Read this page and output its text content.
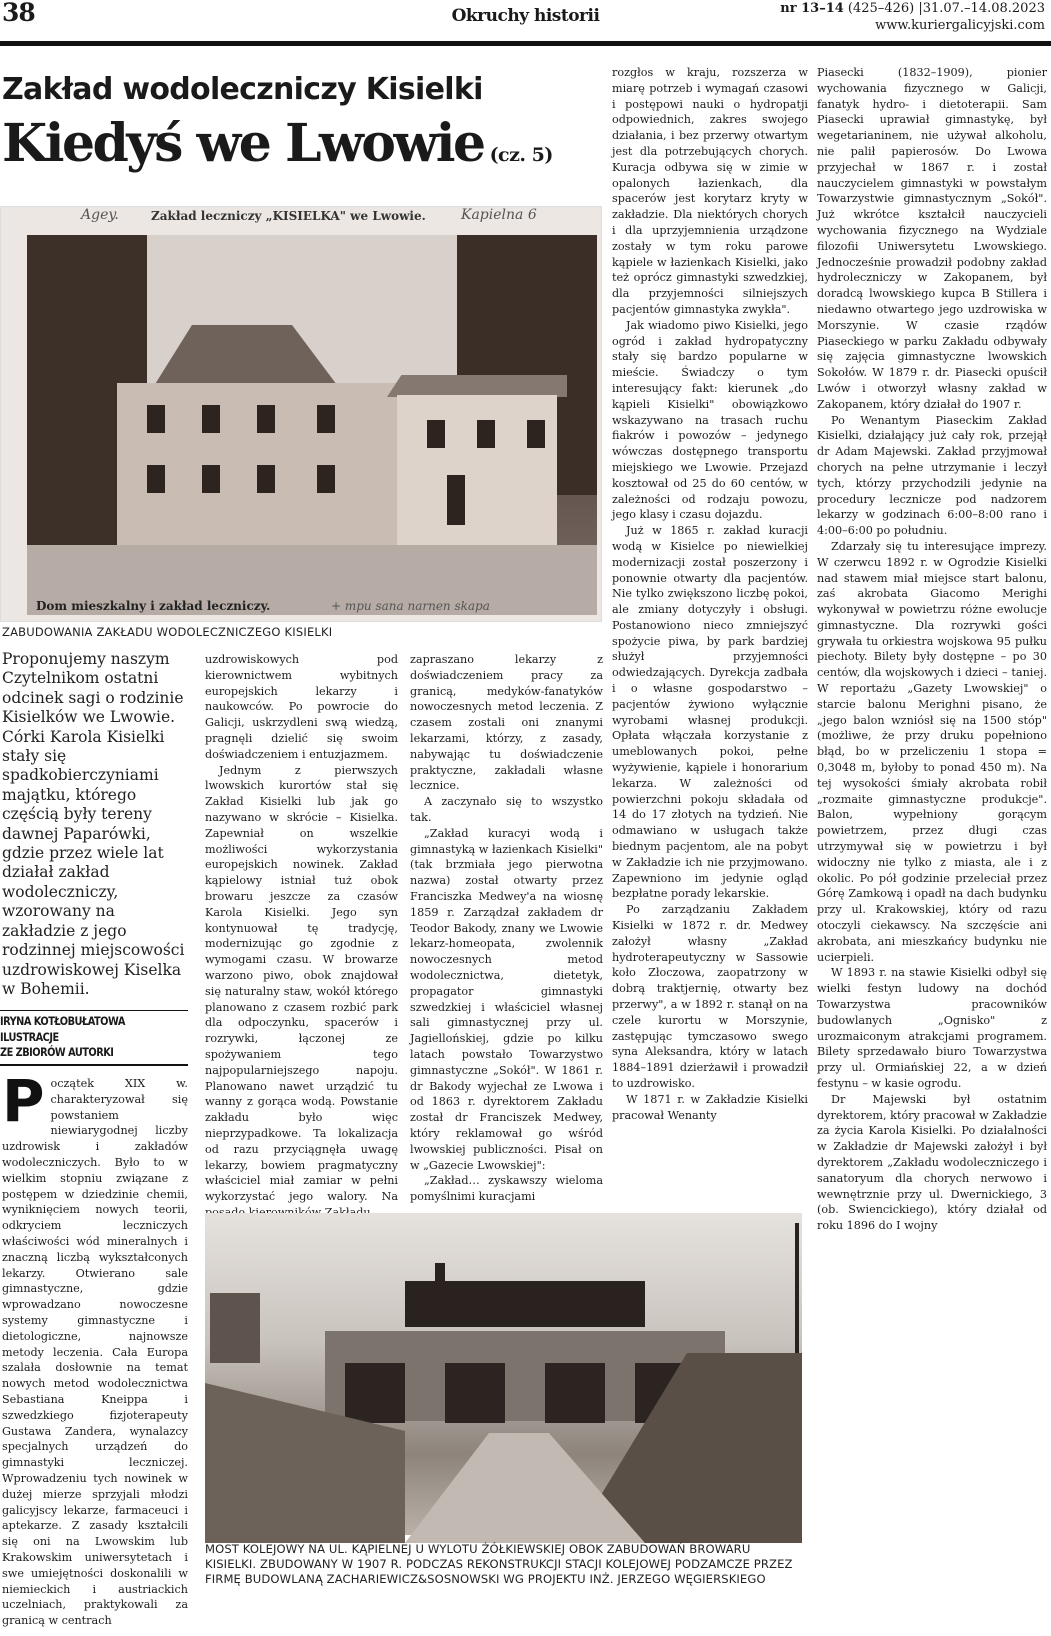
38	Okruchy historii	nr 13–14 (425–426) |31.07.–14.08.2023
www.kuriergalicyjski.com
Zakład wodoleczniczy Kisielki
Kiedyś we Lwowie (cz. 5)
Agey.	Zakład leczniczy „KISIELKA" we Lwowie.	Kapielna 6
Dom mieszkalny i zakład leczniczy.	+ mpu sana narnen skapa
ZABUDOWANIA ZAKŁADU WODOLECZNICZEGO KISIELKI
Proponujemy naszym Czytelnikom ostatni odcinek sagi o rodzinie Kisielków we Lwowie. Córki Karola Kisielki stały się spadkobierczyniami majątku, którego częścią były tereny dawnej Paparówki, gdzie przez wiele lat działał zakład wodoleczniczy, wzorowany na zakładzie z jego rodzinnej miejscowości uzdrowiskowej Kiselka w Bohemii.
IRYNA KOTŁOBUŁATOWA
ILUSTRACJE
ZE ZBIORÓW AUTORKI
P oczątek XIX w. charakteryzował się powstaniem niewiarygodnej liczby uzdrowisk i zakładów wodoleczniczych. Było to w wielkim stopniu związane z postępem w dziedzinie chemii, wyniknięciem nowych teorii, odkryciem leczniczych właściwości wód mineralnych i znaczną liczbą wykształconych lekarzy. Otwierano sale gimnastyczne, gdzie wprowadzano nowoczesne systemy gimnastyczne i dietologiczne, najnowsze metody leczenia. Cała Europa szalała dosłownie na temat nowych metod wodolecznictwa Sebastiana Kneippa i szwedzkiego fizjoterapeuty Gustawa Zandera, wynalazcy specjalnych urządzeń do gimnastyki leczniczej. Wprowadzeniu tych nowinek w dużej mierze sprzyjali młodzi galicyjscy lekarze, farmaceuci i aptekarze. Z zasady kształcili się oni na Lwowskim lub Krakowskim uniwersytetach i swe umiejętności doskonalili w niemieckich i austriackich uczelniach, praktykowali za granicą w centrach

uzdrowiskowych pod kierownictwem wybitnych europejskich lekarzy i naukowców. Po powrocie do Galicji, uskrzydleni swą wiedzą, pragnęli dzielić się swoim doświadczeniem i entuzjazmem.

Jednym z pierwszych lwowskich kurortów stał się Zakład Kisielki lub jak go nazywano w skrócie – Kisielka. Zapewniał on wszelkie możliwości wykorzystania europejskich nowinek. Zakład kąpielowy istniał tuż obok browaru jeszcze za czasów Karola Kisielki. Jego syn kontynuował tę tradycję, modernizując go zgodnie z wymogami czasu. W browarze warzono piwo, obok znajdował się naturalny staw, wokół którego planowano z czasem rozbić park dla odpoczynku, spacerów i rozrywki, łączonej ze spożywaniem tego najpopularniejszego napoju. Planowano nawet urządzić tu wanny z gorąca wodą. Powstanie zakładu było więc nieprzypadkowe. Ta lokalizacja od razu przyciągnęła uwagę lekarzy, bowiem pragmatyczny właściciel miał zamiar w pełni wykorzystać jego walory. Na

zapraszano lekarzy z doświadczeniem pracy za granicą, medyków-fanatyków nowoczesnych metod leczenia. Z czasem zostali oni znanymi lekarzami, którzy, z zasady, nabywając tu doświadczenie praktyczne, zakładali własne lecznice.

A zaczynało się to wszystko tak.

„Zakład kuracyi wodą i gimnastyką w łazienkach Kisielki" (tak brzmiała jego pierwotna nazwa) został otwarty przez Franciszka Medwey'a na wiosnę 1859 r. Zarządzał zakładem dr Teodor Bakody, znany we Lwowie lekarz-homeopata, zwolennik nowoczesnych metod wodolecznictwa, dietetyk, propagator gimnastyki szwedzkiej i właściciel własnej sali gimnastycznej przy ul. Jagiellońskiej, gdzie po kilku latach powstało Towarzystwo gimnastyczne „Sokół". W 1861 r. dr Bakody wyjechał ze Lwowa i od 1863 r. dyrektorem Zakładu został dr Franciszek Medwey, który reklamował go wśród lwowskiej publiczności. Pisał on w „Gazecie Lwowskiej":

„Zakład… zyskawszy wieloma pomyślnimi kuracjami

rozgłos w kraju, rozszerza w miarę potrzeb i wymagań czasowi i postępowi nauki o hydropatji odpowiednich, zakres swojego działania, i bez przerwy otwartym jest dla potrzebujących chorych. Kuracja odbywa się w zimie w opalonych łazienkach, dla spacerów jest korytarz kryty w zakładzie. Dla niektórych chorych i dla uprzyjemnienia urządzone zostały w tym roku parowe kąpiele w łazienkach Kisielki, jako też oprócz gimnastyki szwedzkiej, dla przyjemności silniejszych pacjentów gimnastyka zwykła".

Jak wiadomo piwo Kisielki, jego ogród i zakład hydropatyczny stały się bardzo popularne w mieście. Świadczy o tym interesujący fakt: kierunek „do kąpieli Kisielki" obowiązkowo wskazywano na trasach ruchu fiakrów i powozów – jedynego wówczas dostępnego transportu miejskiego we Lwowie. Przejazd kosztował od 25 do 60 centów, w zależności od rodzaju powozu, jego klasy i czasu dojazdu.

Już w 1865 r. zakład kuracji wodą w Kisielce po niewielkiej modernizacji został poszerzony i ponownie otwarty dla pacjentów. Nie tylko zwiększono liczbę pokoi, ale zmiany dotyczyły i obsługi. Postanowiono nieco zmniejszyć spożycie piwa, by park bardziej służył przyjemności odwiedzających. Dyrekcja zadbała i o własne gospodarstwo – pacjentów żywiono wyłącznie wyrobami własnej produkcji. Opłata włączała korzystanie z umeblowanych pokoi, pełne wyżywienie, kąpiele i honorarium lekarza. W zależności od powierzchni pokoju składała od 14 do 17 złotych na tydzień. Nie odmawiano w usługach także biednym pacjentom, ale na pobyt w Zakładzie ich nie przyjmowano. Zapewniono im jedynie ogląd bezpłatne porady lekarskie.

Po zarządzaniu Zakładem Kisielki w 1872 r. dr. Medwey założył własny „Zakład hydroterapeutyczny w Sassowie koło Złoczowa, zaopatrzony w dobrą traktjernię, otwarty bez przerwy", a w 1892 r. stanął on na czele kurortu w Morszynie, zastępując tymczasowo swego syna Aleksandra, który w latach 1884–1891 dzierżawił i prowadził to uzdrowisko.

W 1871 r. w Zakładzie Kisielki pracował Wenanty

Piasecki (1832–1909), pionier wychowania fizycznego w Galicji, fanatyk hydro- i dietoterapii. Sam Piasecki uprawiał gimnastykę, był wegetarianinem, nie używał alkoholu, nie palił papierosów. Do Lwowa przyjechał w 1867 r. i został nauczycielem gimnastyki w powstałym Towarzystwie gimnastycznym „Sokół". Już wkrótce kształcił nauczycieli wychowania fizycznego na Wydziale filozofii Uniwersytetu Lwowskiego. Jednocześnie prowadził podobny zakład hydroleczniczy w Zakopanem, był doradcą lwowskiego kupca B Stillera i niedawno otwartego jego uzdrowiska w Morszynie. W czasie rządów Piaseckiego w parku Zakładu odbywały się zajęcia gimnastyczne lwowskich Sokołów. W 1879 r. dr. Piasecki opuścił Lwów i otworzył własny zakład w Zakopanem, który działał do 1907 r.

Po Wenantym Piaseckim Zakład Kisielki, działający już cały rok, przejął dr Adam Majewski. Zakład przyjmował chorych na pełne utrzymanie i leczył tych, którzy przychodzili jedynie na procedury lecznicze pod nadzorem lekarzy w godzinach 6:00–8:00 rano i 4:00–6:00 po południu.

Zdarzały się tu interesujące imprezy. W czerwcu 1892 r. w Ogrodzie Kisielki nad stawem miał miejsce start balonu, zaś akrobata Giacomo Merighi wykonywał w powietrzu różne ewolucje gimnastyczne. Dla rozrywki gości grywała tu orkiestra wojskowa 95 pułku piechoty. Bilety były dostępne – po 30 centów, dla wojskowych i dzieci – taniej. W reportażu „Gazety Lwowskiej" o starcie balonu Merighni pisano, że „jego balon wzniósł się na 1500 stóp" (możliwe, że przy druku popełniono błąd, bo w przeliczeniu 1 stopa = 0,3048 m, byłoby to ponad 450 m). Na tej wysokości śmiały akrobata robił „rozmaite gimnastyczne produkcje". Balon, wypełniony gorącym powietrzem, przez długi czas utrzymywał się w powietrzu i był widoczny nie tylko z miasta, ale i z okolic. Po pół godzinie przeleciał przez Górę Zamkową i opadł na dach budynku przy ul. Krakowskiej, który od razu otoczyli ciekawscy. Na szczęście ani akrobata, ani mieszkańcy budynku nie ucierpieli.

W 1893 r. na stawie Kisielki odbył się wielki festyn ludowy na dochód Towarzystwa pracowników budowlanych „Ognisko" z urozmaiconym atrakcjami programem. Bilety sprzedawało biuro Towarzystwa przy ul. Ormiańskiej 22, a w dzień festynu – w kasie ogrodu.

Dr Majewski był ostatnim dyrektorem, który pracował w Zakładzie za życia Karola Kisielki. Po działalności w Zakładzie dr Majewski założył i był dyrektorem „Zakładu wodoleczniczego i sanatoryum dla chorych nerwowo i wewnętrznie przy ul. Dwernickiego, 3 (ob. Swiencickiego), który działał od roku 1896 do I wojny

MOST KOLEJOWY NA UL. KĄPIELNEJ U WYLOTU ŻÓŁKIEWSKIEJ OBOK ZABUDOWAŃ BROWARU KISIELKI. ZBUDOWANY W 1907 R. PODCZAS REKONSTRUKCJI STACJI KOLEJOWEJ PODZAMCZE PRZEZ FIRMĘ BUDOWLANĄ ZACHARIEWICZ&SOSNOWSKI WG PROJEKTU INŻ. JERZEGO WĘGIERSKIEGO
